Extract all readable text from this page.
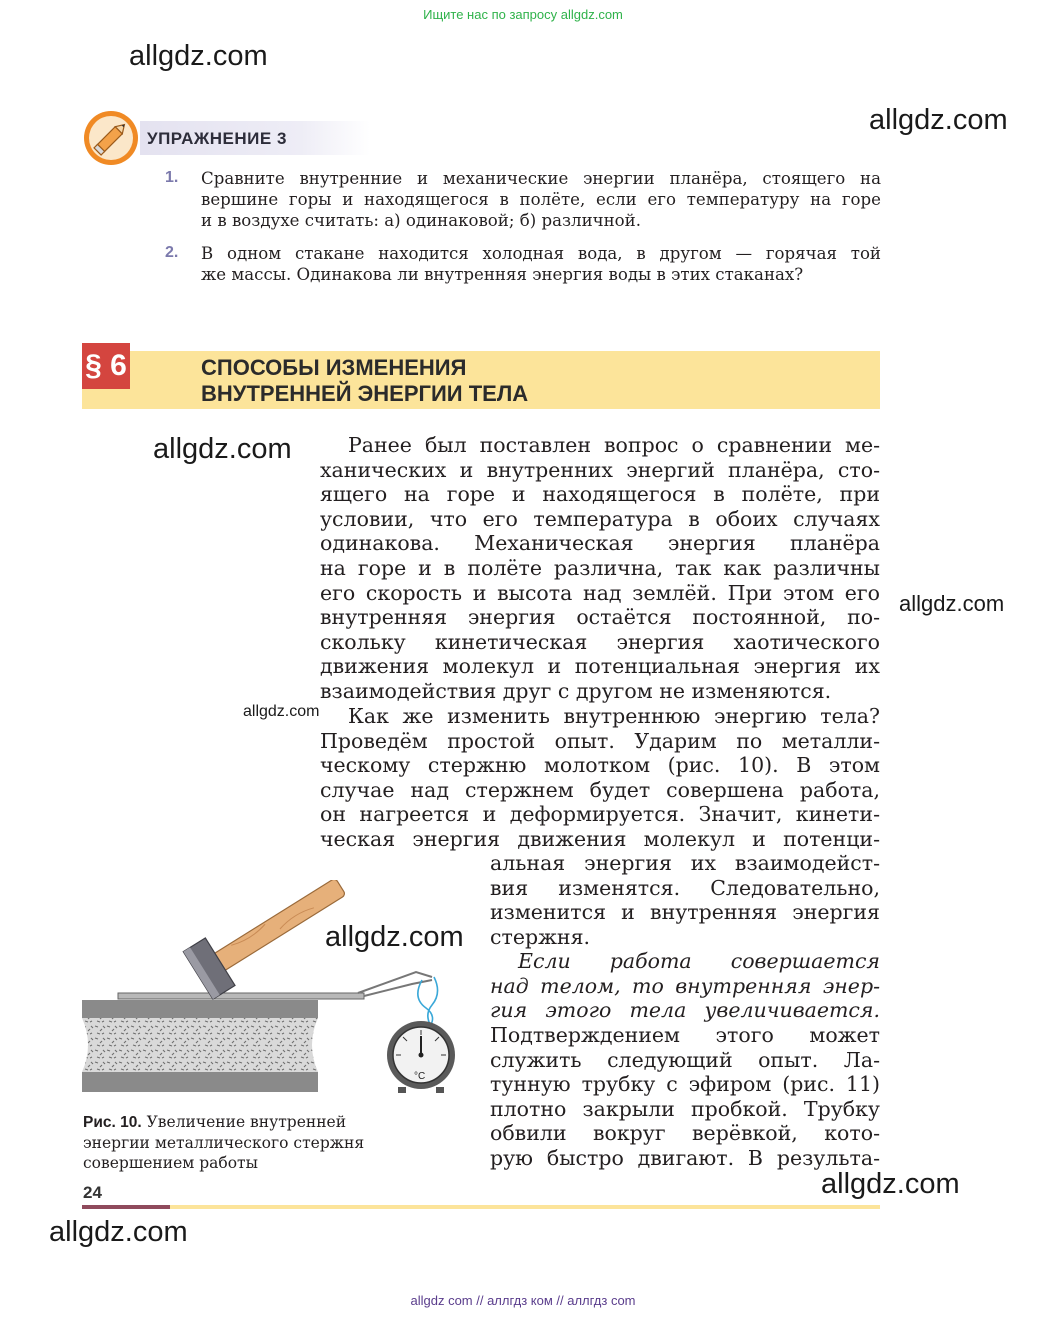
Ищите нас по запросу allgdz.com
allgdz.com
allgdz.com
allgdz.com
allgdz.com
allgdz.com
allgdz.com
allgdz.com
allgdz.com
УПРАЖНЕНИЕ 3
1. Сравните внутренние и механические энергии планёра, стоящего на
вершине горы и находящегося в полёте, если его температуру на горе
и в воздухе считать: а) одинаковой; б) различной.
2. В одном стакане находится холодная вода, в другом — горячая той
же массы. Одинакова ли внутренняя энергия воды в этих стаканах?
§ 6	СПОСОБЫ ИЗМЕНЕНИЯ
ВНУТРЕННЕЙ ЭНЕРГИИ ТЕЛА
Ранее был поставлен вопрос о сравнении ме-
ханических и внутренних энергий планёра, сто-
ящего на горе и находящегося в полёте, при
условии, что его температура в обоих случаях
одинакова. Механическая энергия планёра
на горе и в полёте различна, так как различны
его скорость и высота над землёй. При этом его
внутренняя энергия остаётся постоянной, по-
скольку кинетическая энергия хаотического
движения молекул и потенциальная энергия их
взаимодействия друг с другом не изменяются.
Как же изменить внутреннюю энергию тела?
Проведём простой опыт. Ударим по металли-
ческому стержню молотком (рис. 10). В этом
случае над стержнем будет совершена работа,
он нагреется и деформируется. Значит, кинети-
ческая энергия движения молекул и потенци-
альная энергия их взаимодейст-
вия изменятся. Следовательно,
изменится и внутренняя энергия
стержня.
Если работа совершается
над телом, то внутренняя энер-
гия этого тела увеличивается.
Подтверждением этого может
служить следующий опыт. Ла-
тунную трубку с эфиром (рис. 11)
плотно закрыли пробкой. Трубку
обвили вокруг верёвкой, кото-
рую быстро двигают. В результа-
°C
Рис. 10. Увеличение внутренней энергии металлического стержня совершением работы
24
allgdz com // аллгдз ком // аллгдз com
